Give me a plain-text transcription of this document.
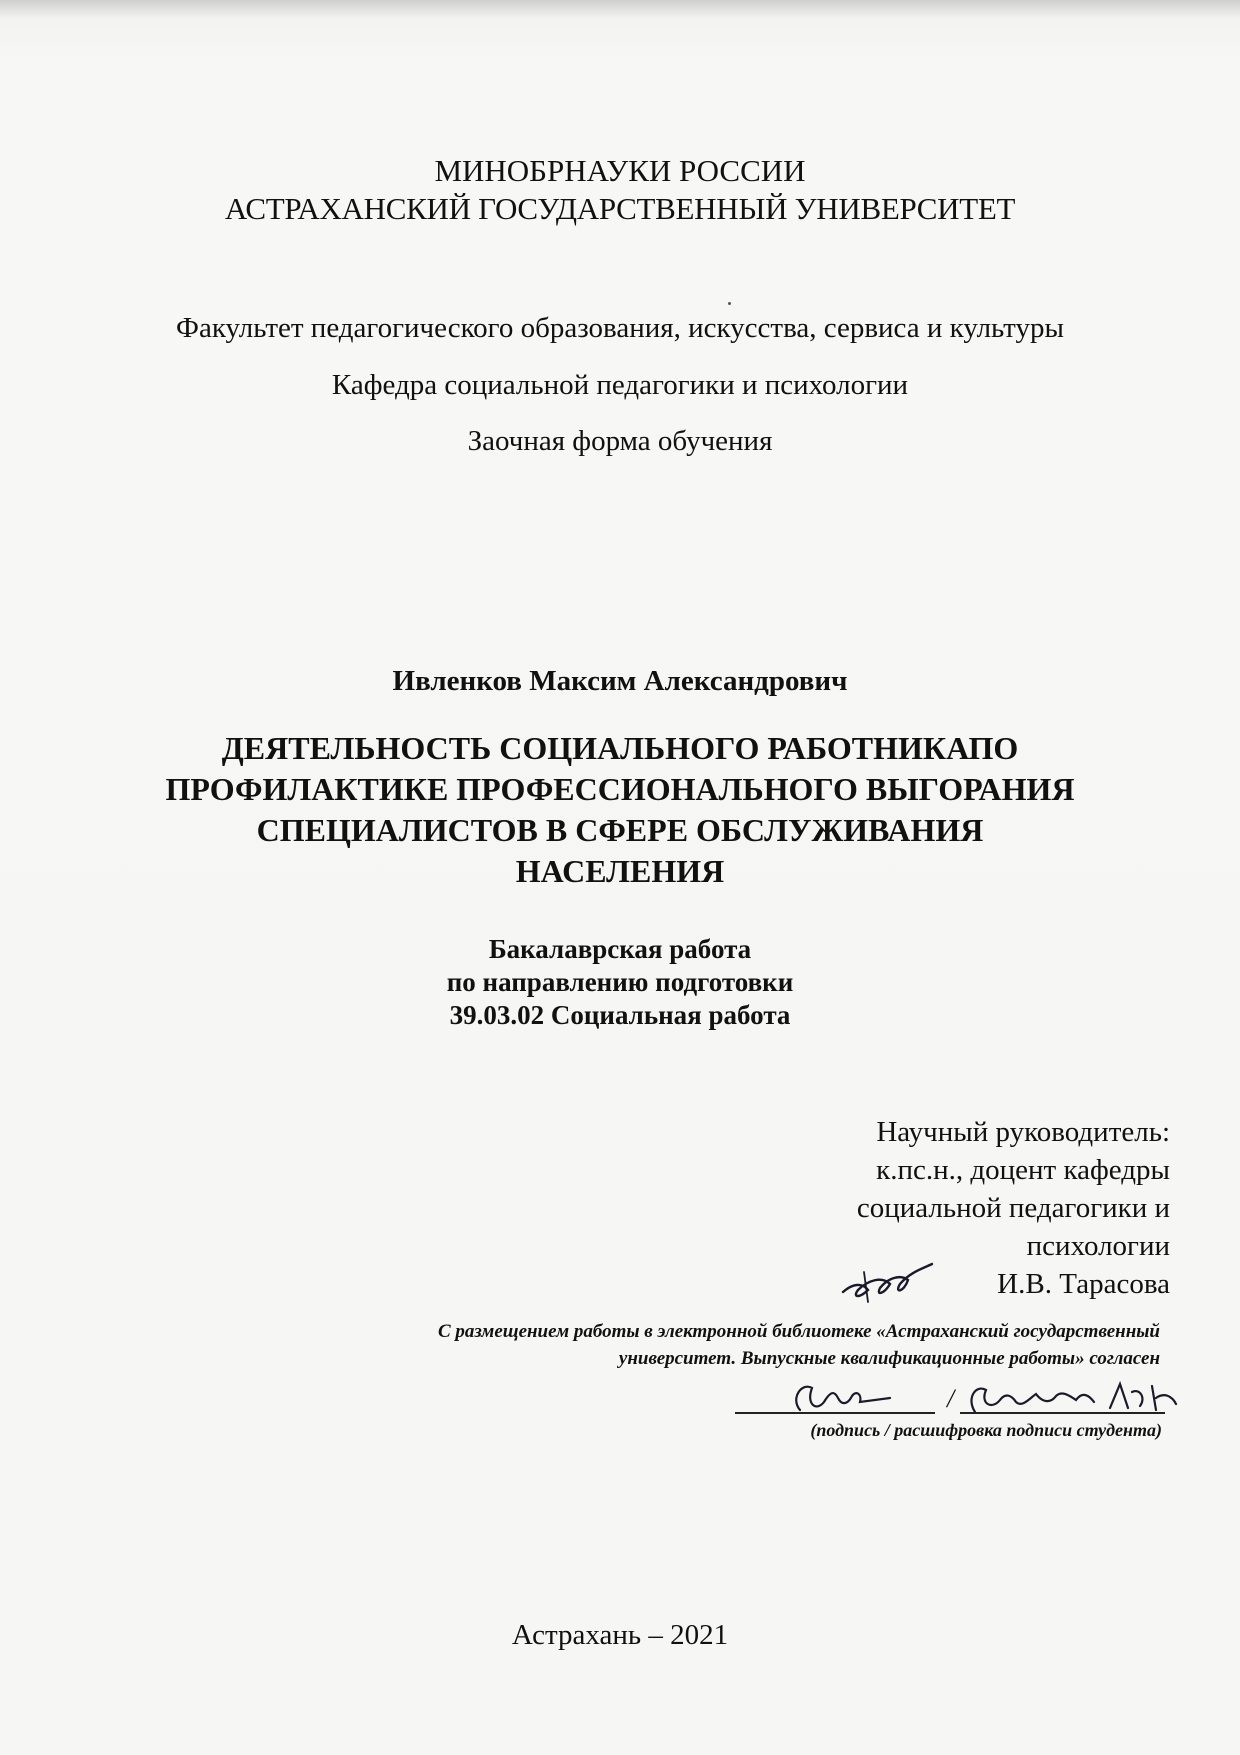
МИНОБРНАУКИ РОССИИ
АСТРАХАНСКИЙ ГОСУДАРСТВЕННЫЙ УНИВЕРСИТЕТ
Факультет педагогического образования, искусства, сервиса и культуры
Кафедра социальной педагогики и психологии
Заочная форма обучения
Ивленков Максим Александрович
ДЕЯТЕЛЬНОСТЬ СОЦИАЛЬНОГО РАБОТНИКАПО
ПРОФИЛАКТИКЕ ПРОФЕССИОНАЛЬНОГО ВЫГОРАНИЯ
СПЕЦИАЛИСТОВ В СФЕРЕ ОБСЛУЖИВАНИЯ
НАСЕЛЕНИЯ
Бакалаврская работа
по направлению подготовки
39.03.02 Социальная работа
Научный руководитель:
к.пс.н., доцент кафедры
социальной педагогики и
психологии
И.В. Тарасова
С размещением работы в электронной библиотеке «Астраханский государственный
университет. Выпускные квалификационные работы» согласен
/
(подпись / расшифровка подписи студента)
Астрахань – 2021
